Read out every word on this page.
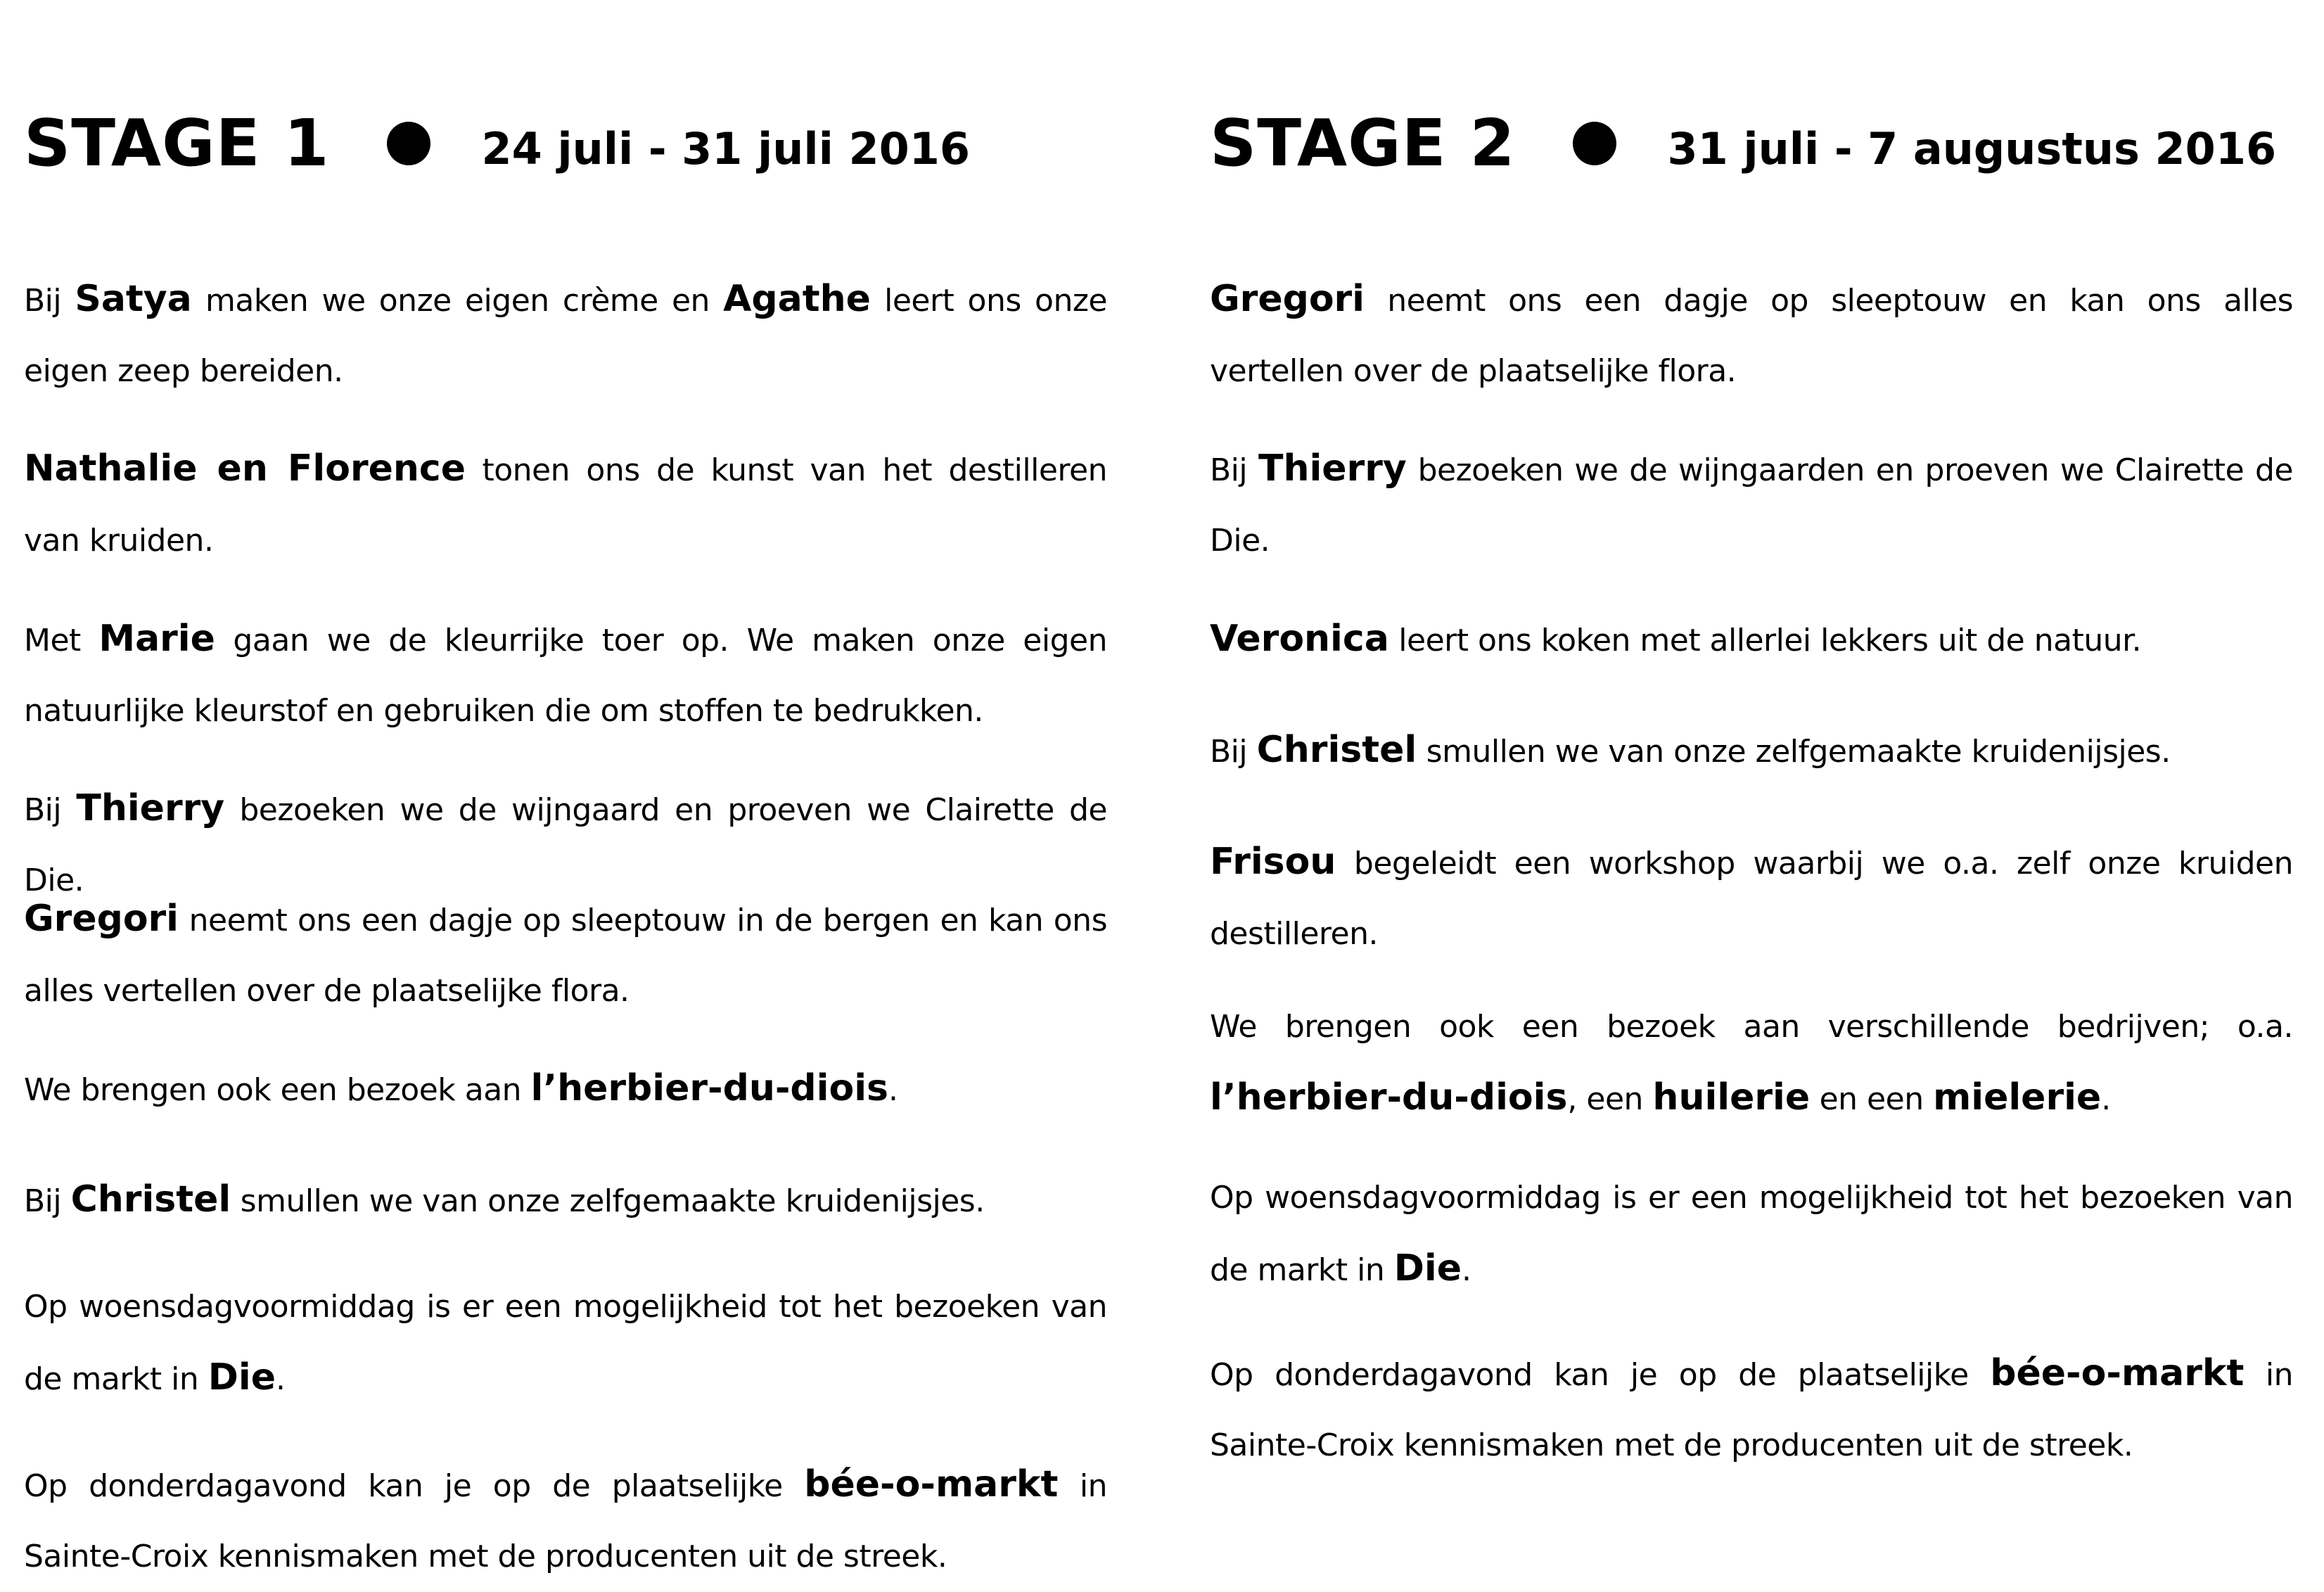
STAGE 1	24 juli - 31 juli 2016
Bij Satya maken we onze eigen crème en Agathe leert ons onze eigen zeep bereiden.
Nathalie en Florence tonen ons de kunst van het destilleren van kruiden.
Met Marie gaan we de kleurrijke toer op. We maken onze eigen natuurlijke kleurstof en gebruiken die om stoffen te bedrukken.
Bij Thierry bezoeken we de wijngaard en proeven we Clairette de Die.
Gregori neemt ons een dagje op sleeptouw in de bergen en kan ons alles vertellen over de plaatselijke flora.
We brengen ook een bezoek aan l’herbier-du-diois.
Bij Christel smullen we van onze zelfgemaakte kruidenijsjes.
Op woensdagvoormiddag is er een mogelijkheid tot het bezoeken van de markt in Die.
Op donderdagavond kan je op de plaatselijke bée-o-markt in Sainte-Croix kennismaken met de producenten uit de streek.
STAGE 2	31 juli - 7 augustus 2016
Gregori neemt ons een dagje op sleeptouw en kan ons alles vertellen over de plaatselijke flora.
Bij Thierry bezoeken we de wijngaarden en proeven we Clairette de Die.
Veronica leert ons koken met allerlei lekkers uit de natuur.
Bij Christel smullen we van onze zelfgemaakte kruidenijsjes.
Frisou begeleidt een workshop waarbij we o.a. zelf onze kruiden destilleren.
We brengen ook een bezoek aan verschillende bedrijven; o.a. l’herbier-du-diois, een huilerie en een mielerie.
Op woensdagvoormiddag is er een mogelijkheid tot het bezoeken van de markt in Die.
Op donderdagavond kan je op de plaatselijke bée-o-markt in Sainte-Croix kennismaken met de producenten uit de streek.
